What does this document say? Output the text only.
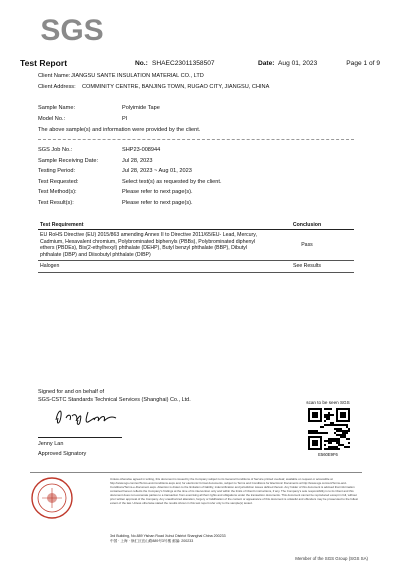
SGS
Test Report	No.: SHAEC23011358507	Date: Aug 01, 2023	Page 1 of 9
Client Name: JIANGSU SANTE INSULATION MATERIAL CO., LTD
Client Address: COMMINITY CENTRE, BANJING TOWN, RUGAO CITY, JIANGSU, CHINA
Sample Name:	Polyimide Tape
Model No.:	PI
The above sample(s) and information were provided by the client.
SGS Job No.:	SHP23-008944
Sample Receiving Date:	Jul 28, 2023
Testing Period:	Jul 28, 2023 ~ Aug 01, 2023
Test Requested:	Select test(s) as requested by the client.
Test Method(s):	Please refer to next page(s).
Test Result(s):	Please refer to next page(s).
Test Requirement	Conclusion
EU RoHS Directive (EU) 2015/863 amending Annex II to Directive 2011/65/EU- Lead, Mercury, Cadmium, Hexavalent chromium, Polybrominated biphenyls (PBBs), Polybrominated diphenyl ethers (PBDEs), Bis(2-ethylhexyl) phthalate (DEHP), Butyl benzyl phthalate (BBP), Dibutyl phthalate (DBP) and Diisobutyl phthalate (DIBP)	Pass
Halogen	See Results
Signed for and on behalf of
SGS-CSTC Standards Technical Services (Shanghai) Co., Ltd.
Jenny Lan
Approved Signatory
scan to be seen SGS
E560E9F6
Unless otherwise agreed in writing, this document is issued by the Company subject to its General Conditions of Service printed overleaf, available on request or accessible at http://www.sgs.com/en/Terms-and-Conditions.aspx and, for electronic format documents, subject to Terms and Conditions for Electronic Documents at http://www.sgs.com/en/Terms-and-Conditions/Terms-e-Document.aspx. Attention is drawn to the limitation of liability, indemnification and jurisdiction issues defined therein. Any holder of this document is advised that information contained hereon reflects the Company's findings at the time of its intervention only and within the limits of Client's instructions, if any. The Company's sole responsibility is to its Client and this document does not exonerate parties to a transaction from exercising all their rights and obligations under the transaction documents. This document cannot be reproduced except in full, without prior written approval of the Company. Any unauthorized alteration, forgery or falsification of the content or appearance of this document is unlawful and offenders may be prosecuted to the fullest extent of the law. Unless otherwise stated the results shown in this test report refer only to the sample(s) tested.
3rd Building, No.889 Yishan Road Xuhui District Shanghai China 200233
中国 · 上海 · 徐汇区宜山路889号3号楼 邮编: 200233
Member of the SGS Group (SGS SA)
